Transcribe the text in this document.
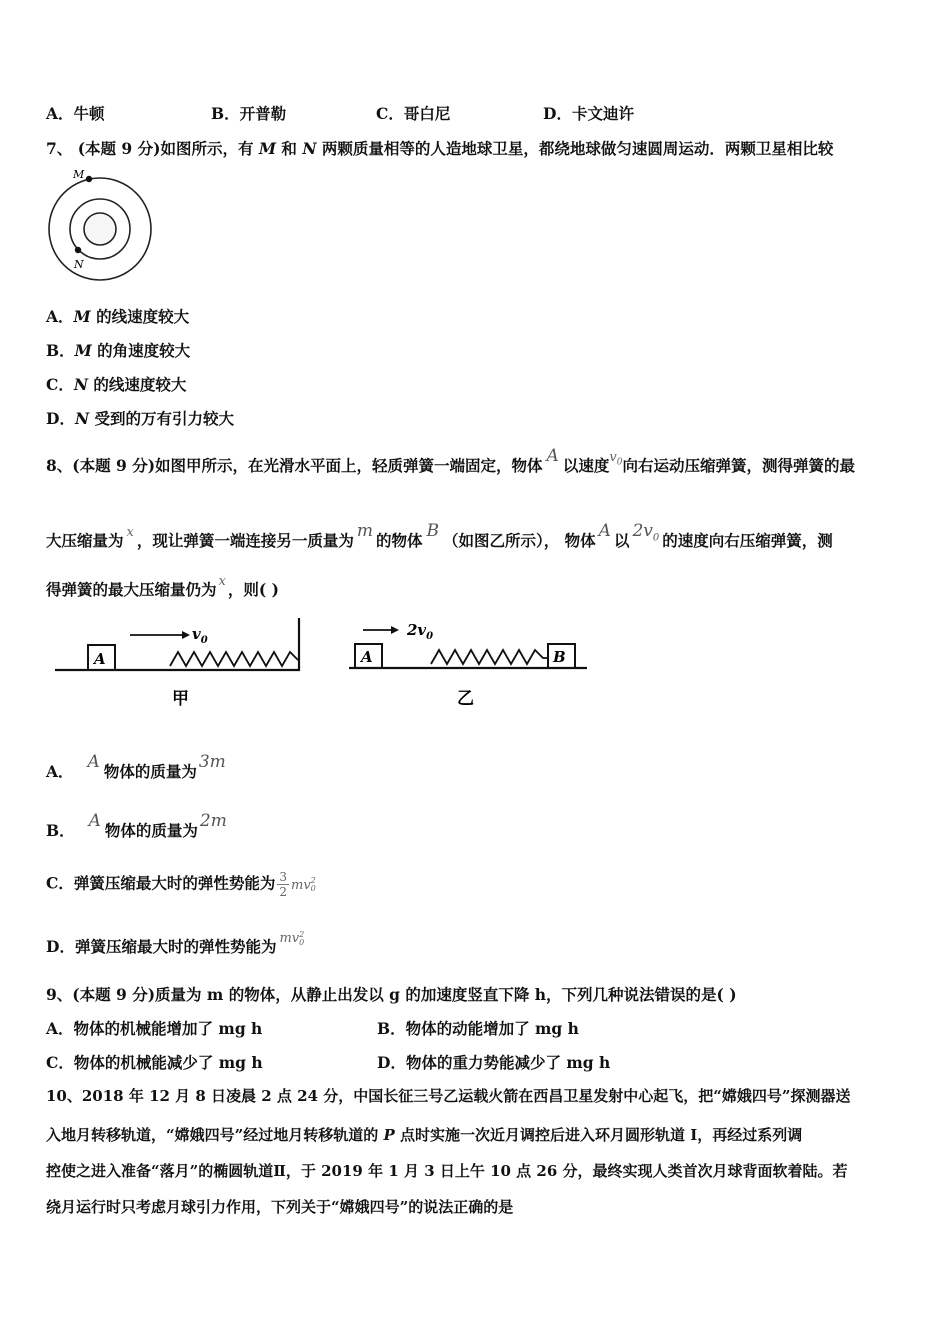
A．牛顿	B．开普勒	C．哥白尼	D．卡文迪许
7、 (本题 9 分)如图所示，有 M 和 N 两颗质量相等的人造地球卫星，都绕地球做匀速圆周运动．两颗卫星相比较
M
N
A．M 的线速度较大
B．M 的角速度较大
C．N 的线速度较大
D．N 受到的万有引力较大
8、(本题 9 分)如图甲所示，在光滑水平面上，轻质弹簧一端固定，物体 A 以速度$^{v_0}$向右运动压缩弹簧，测得弹簧的最
大压缩量为 $^x$ ，现让弹簧一端连接另一质量为 m 的物体 B （如图乙所示）， 物体 A 以 $2v_0$ 的速度向右压缩弹簧，测
得弹簧的最大压缩量仍为 $^x$ ，则( )
A
$v_0$
甲
A	B
$2v_0$
乙
A． A 物体的质量为 3m
B． A 物体的质量为 2m
C．弹簧压缩最大时的弹性势能为 $\frac{3}{2}$ mv 2
0
D．弹簧压缩最大时的弹性势能为 $^{mv 2 0}$
9、(本题 9 分)质量为 m 的物体，从静止出发以 g 的加速度竖直下降 h，下列几种说法错误的是( )
A．物体的机械能增加了 mg h	B．物体的动能增加了 mg h
C．物体的机械能减少了 mg h	D．物体的重力势能减少了 mg h
10、2018 年 12 月 8 日凌晨 2 点 24 分，中国长征三号乙运载火箭在西昌卫星发射中心起飞，把“嫦娥四号”探测器送
入地月转移轨道，“嫦娥四号”经过地月转移轨道的 P 点时实施一次近月调控后进入环月圆形轨道 I，再经过系列调
控使之进入准备“落月”的椭圆轨道Ⅱ，于 2019 年 1 月 3 日上午 10 点 26 分，最终实现人类首次月球背面软着陆。若
绕月运行时只考虑月球引力作用，下列关于“嫦娥四号”的说法正确的是
